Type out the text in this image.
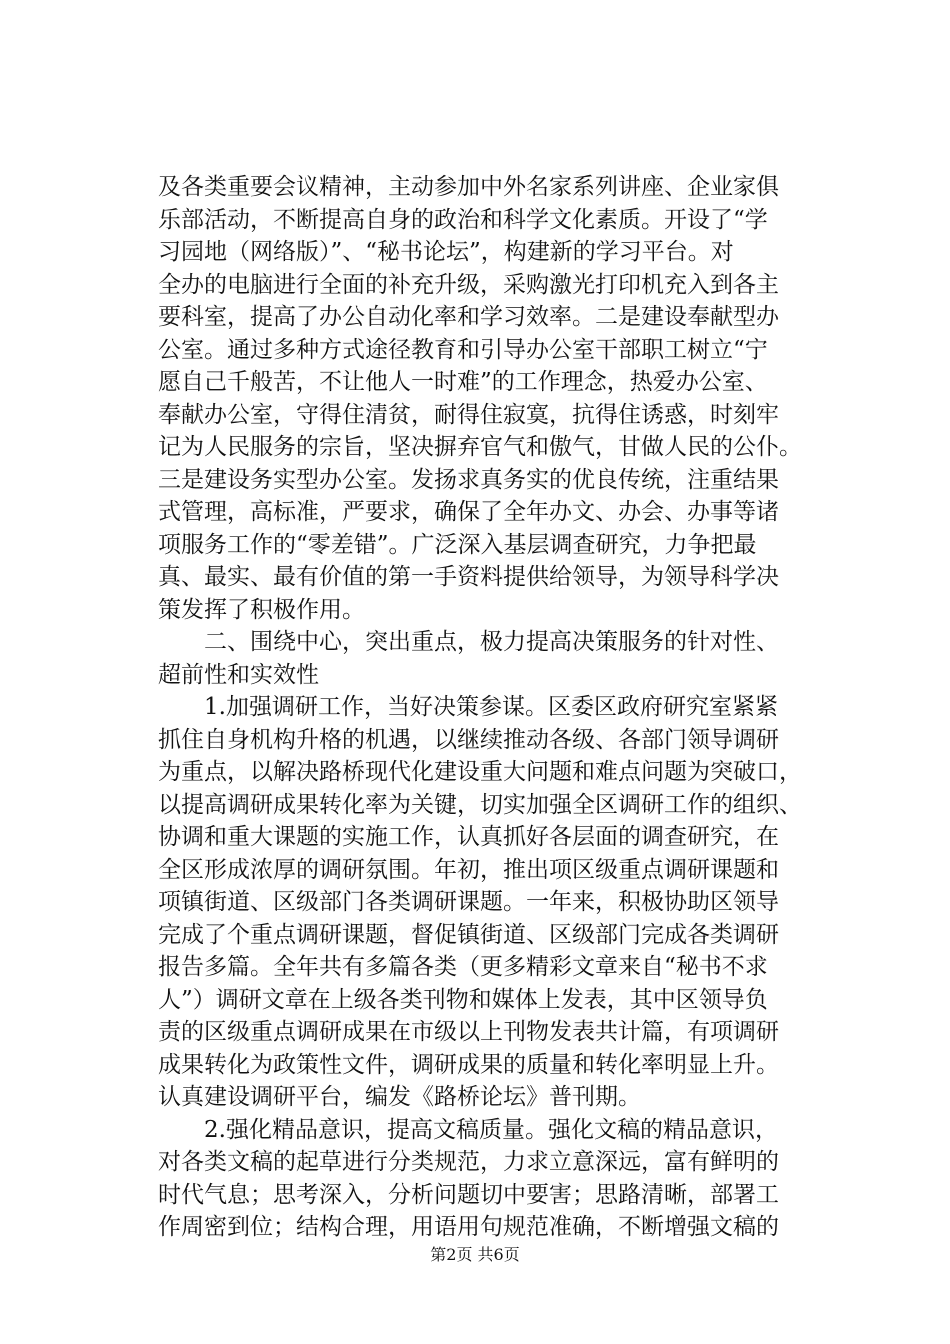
及各类重要会议精神，主动参加中外名家系列讲座、企业家俱
乐部活动，不断提高自身的政治和科学文化素质。开设了“学
习园地（网络版）”、“秘书论坛”，构建新的学习平台。对
全办的电脑进行全面的补充升级，采购激光打印机充入到各主
要科室，提高了办公自动化率和学习效率。二是建设奉献型办
公室。通过多种方式途径教育和引导办公室干部职工树立“宁
愿自己千般苦，不让他人一时难”的工作理念，热爱办公室、
奉献办公室，守得住清贫，耐得住寂寞，抗得住诱惑，时刻牢
记为人民服务的宗旨，坚决摒弃官气和傲气，甘做人民的公仆。
三是建设务实型办公室。发扬求真务实的优良传统，注重结果
式管理，高标准，严要求，确保了全年办文、办会、办事等诸
项服务工作的“零差错”。广泛深入基层调查研究，力争把最
真、最实、最有价值的第一手资料提供给领导，为领导科学决
策发挥了积极作用。
　　二、围绕中心，突出重点，极力提高决策服务的针对性、
超前性和实效性
　　1.加强调研工作，当好决策参谋。区委区政府研究室紧紧
抓住自身机构升格的机遇，以继续推动各级、各部门领导调研
为重点，以解决路桥现代化建设重大问题和难点问题为突破口，
以提高调研成果转化率为关键，切实加强全区调研工作的组织、
协调和重大课题的实施工作，认真抓好各层面的调查研究，在
全区形成浓厚的调研氛围。年初，推出项区级重点调研课题和
项镇街道、区级部门各类调研课题。一年来，积极协助区领导
完成了个重点调研课题，督促镇街道、区级部门完成各类调研
报告多篇。全年共有多篇各类（更多精彩文章来自“秘书不求
人”）调研文章在上级各类刊物和媒体上发表，其中区领导负
责的区级重点调研成果在市级以上刊物发表共计篇，有项调研
成果转化为政策性文件，调研成果的质量和转化率明显上升。
认真建设调研平台，编发《路桥论坛》普刊期。
　　2.强化精品意识，提高文稿质量。强化文稿的精品意识，
对各类文稿的起草进行分类规范，力求立意深远，富有鲜明的
时代气息；思考深入，分析问题切中要害；思路清晰，部署工
作周密到位；结构合理，用语用句规范准确，不断增强文稿的
第2页 共6页
